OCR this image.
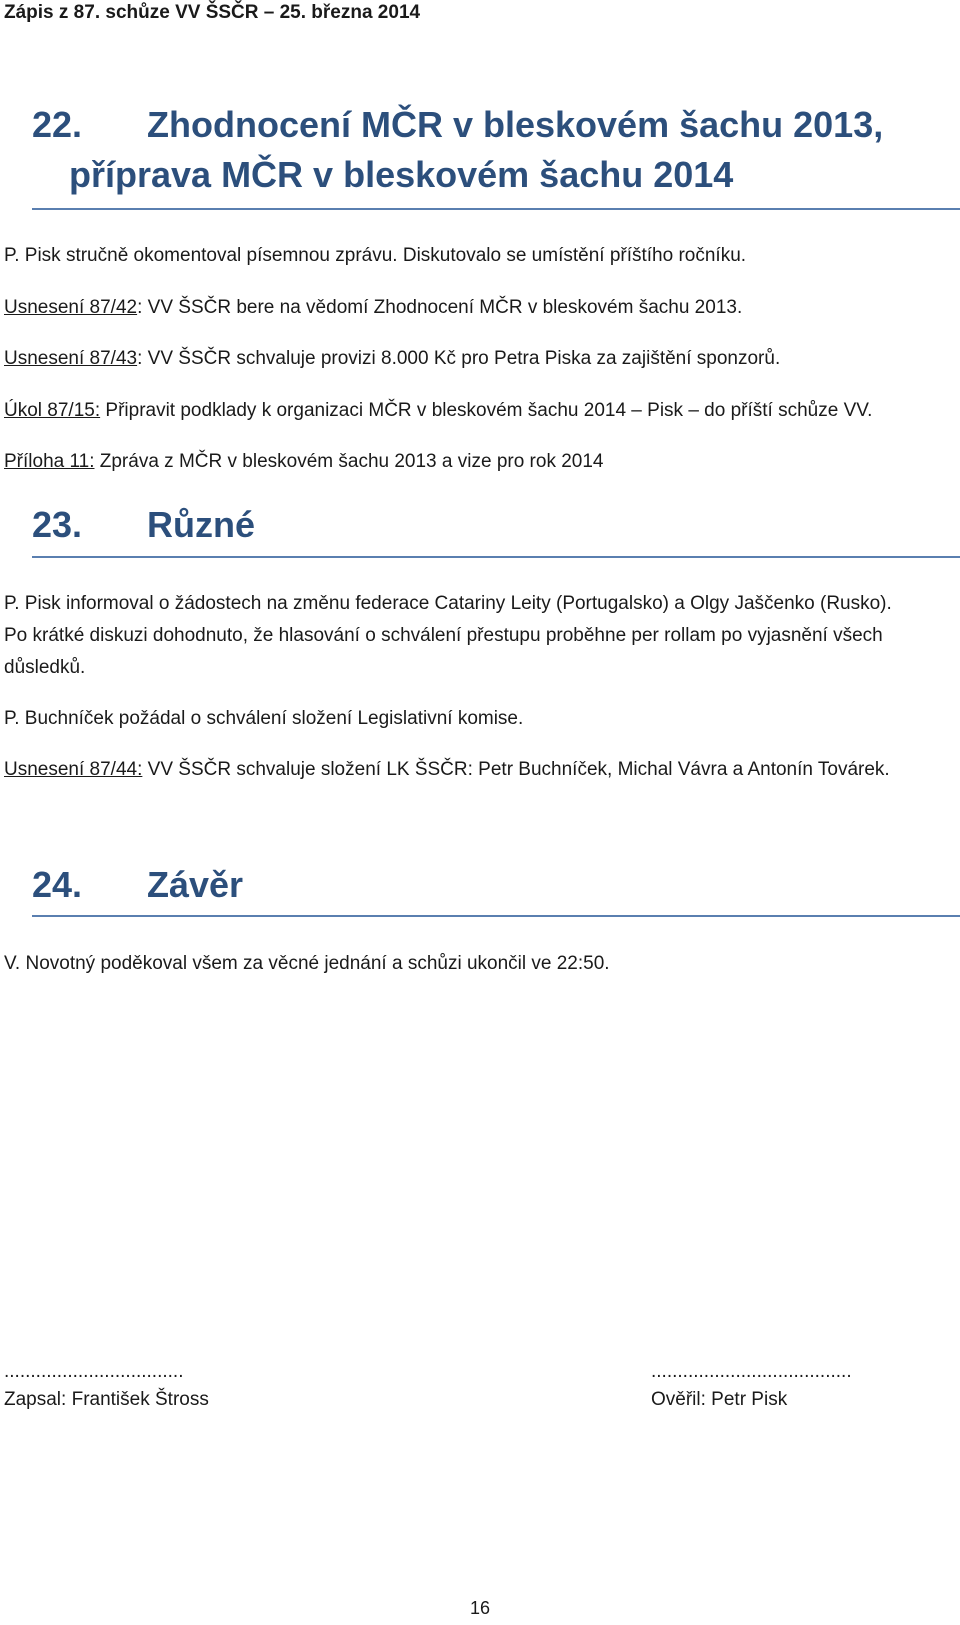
Zápis z 87. schůze VV ŠSČR – 25. března 2014
22.	Zhodnocení MČR v bleskovém šachu 2013,
příprava MČR v bleskovém šachu 2014
P. Pisk stručně okomentoval písemnou zprávu. Diskutovalo se umístění příštího ročníku.
Usnesení 87/42: VV ŠSČR bere na vědomí Zhodnocení MČR v bleskovém šachu 2013.
Usnesení 87/43: VV ŠSČR schvaluje provizi 8.000 Kč pro Petra Piska za zajištění sponzorů.
Úkol 87/15: Připravit podklady k organizaci MČR v bleskovém šachu 2014 – Pisk – do příští schůze VV.
Příloha 11: Zpráva z MČR v bleskovém šachu 2013 a vize pro rok 2014
23.	Různé
P. Pisk informoval o žádostech na změnu federace Catariny Leity (Portugalsko) a Olgy Jaščenko (Rusko). Po krátké diskuzi dohodnuto, že hlasování o schválení přestupu proběhne per rollam po vyjasnění všech důsledků.
P. Buchníček požádal o schválení složení Legislativní komise.
Usnesení 87/44: VV ŠSČR schvaluje složení LK ŠSČR: Petr Buchníček, Michal Vávra a Antonín Továrek.
24.	Závěr
V. Novotný poděkoval všem za věcné jednání a schůzi ukončil ve 22:50.
..................................
Zapsal: František Štross
......................................
Ověřil: Petr Pisk
16
